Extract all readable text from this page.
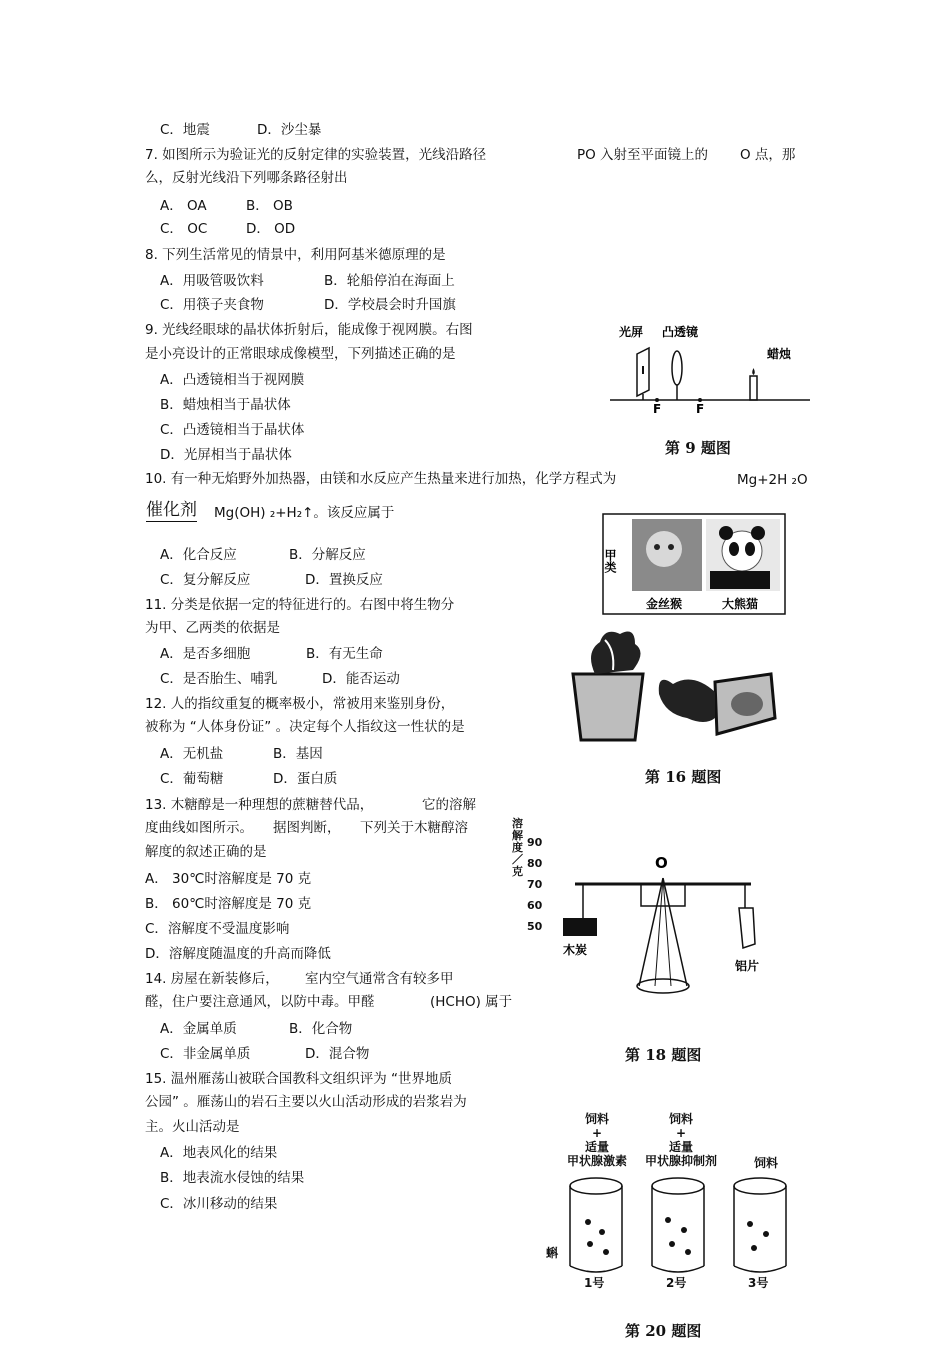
C．地震	D．沙尘暴
7. 如图所示为验证光的反射定律的实验装置，光线沿路径	PO 入射至平面镜上的 O 点，那
么，反射光线沿下列哪条路径射出
A． OA	B． OB
C． OC	D． OD
8. 下列生活常见的情景中，利用阿基米德原理的是
A．用吸管吸饮料	B．轮船停泊在海面上
C．用筷子夹食物	D．学校晨会时升国旗
9. 光线经眼球的晶状体折射后，能成像于视网膜。右图
是小亮设计的正常眼球成像模型，下列描述正确的是
A．凸透镜相当于视网膜
B．蜡烛相当于晶状体
C．凸透镜相当于晶状体
D．光屏相当于晶状体
10. 有一种无焰野外加热器，由镁和水反应产生热量来进行加热，化学方程式为	Mg+2H ₂O
催化剂 Mg(OH) ₂+H₂↑。该反应属于
A．化合反应	B．分解反应
C．复分解反应	D．置换反应
11. 分类是依据一定的特征进行的。右图中将生物分
为甲、乙两类的依据是
A．是否多细胞	B．有无生命
C．是否胎生、哺乳	D．能否运动
12. 人的指纹重复的概率极小，常被用来鉴别身份，
被称为 “人体身份证” 。决定每个人指纹这一性状的是
A．无机盐	B．基因
C．葡萄糖	D．蛋白质
13. 木糖醇是一种理想的蔗糖替代品，	它的溶解
度曲线如图所示。 据图判断， 下列关于木糖醇溶
解度的叙述正确的是
A． 30℃时溶解度是 70 克
B． 60℃时溶解度是 70 克
C．溶解度不受温度影响
D．溶解度随温度的升高而降低
14. 房屋在新装修后， 室内空气通常含有较多甲
醛，住户要注意通风，以防中毒。甲醛	(HCHO) 属于
A．金属单质	B．化合物
C．非金属单质	D．混合物
15. 温州雁荡山被联合国教科文组织评为 “世界地质
公园” 。雁荡山的岩石主要以火山活动形成的岩浆岩为
主。火山活动是
A．地表风化的结果
B．地表流水侵蚀的结果
C．冰川移动的结果
F	F
光屏 凸透镜
蜡烛
第 9 题图
甲类
金丝猴	大熊猫
第 16 题图
溶解度／克
90
80
70
60
50
O
木炭
铝片
第 18 题图
饲料
+
适量
甲状腺激素
饲料
+
适量
甲状腺抑制剂	饲料
蝌
1号	2号	3号
第 20 题图
